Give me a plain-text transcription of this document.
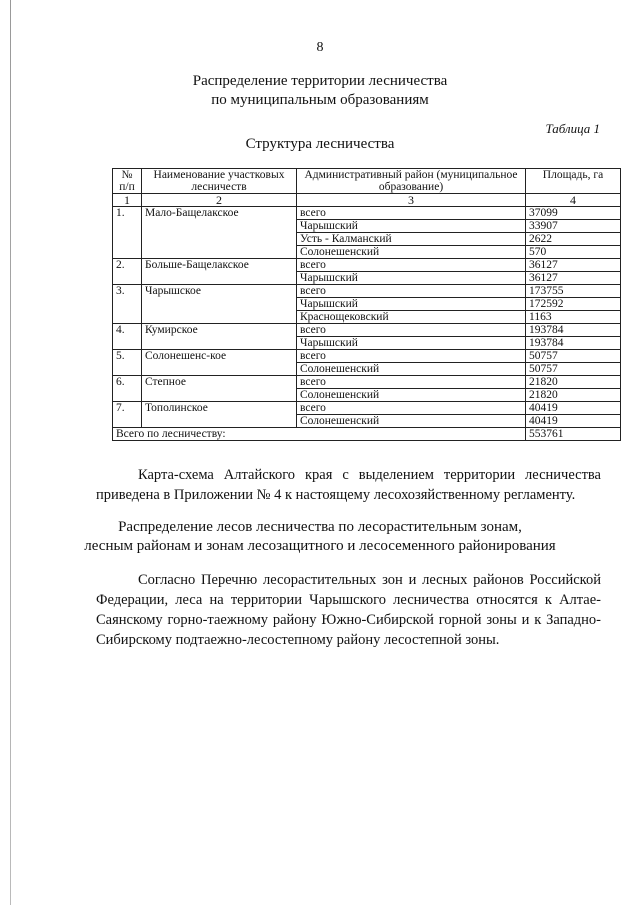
8
Распределение территории лесничества
по муниципальным образованиям
Таблица 1
Структура лесничества
№ п/п	Наименование участковых лесничеств	Административный район (муниципальное образование)	Площадь, га
1	2	3	4
1.	Мало-Бащелакское	всего	37099
		Чарышский	33907
		Усть - Калманский	2622
		Солонешенский	570
2.	Больше-Бащелакское	всего	36127
		Чарышский	36127
3.	Чарышское	всего	173755
		Чарышский	172592
		Краснощековский	1163
4.	Кумирское	всего	193784
		Чарышский	193784
5.	Солонешенс-кое	всего	50757
		Солонешенский	50757
6.	Степное	всего	21820
		Солонешенский	21820
7.	Тополинское	всего	40419
		Солонешенский	40419
Всего по лесничеству:			553761
Карта-схема Алтайского края с выделением территории лесничества приведена в Приложении № 4 к настоящему лесохозяйственному регламенту.
Распределение лесов лесничества по лесорастительным зонам,
лесным районам и зонам лесозащитного и лесосеменного районирования
Согласно Перечню лесорастительных зон и лесных районов Российской Федерации, леса на территории Чарышского лесничества относятся к Алтае-Саянскому горно-таежному району Южно-Сибирской горной зоны и к Западно-Сибирскому подтаежно-лесостепному району лесостепной зоны.
